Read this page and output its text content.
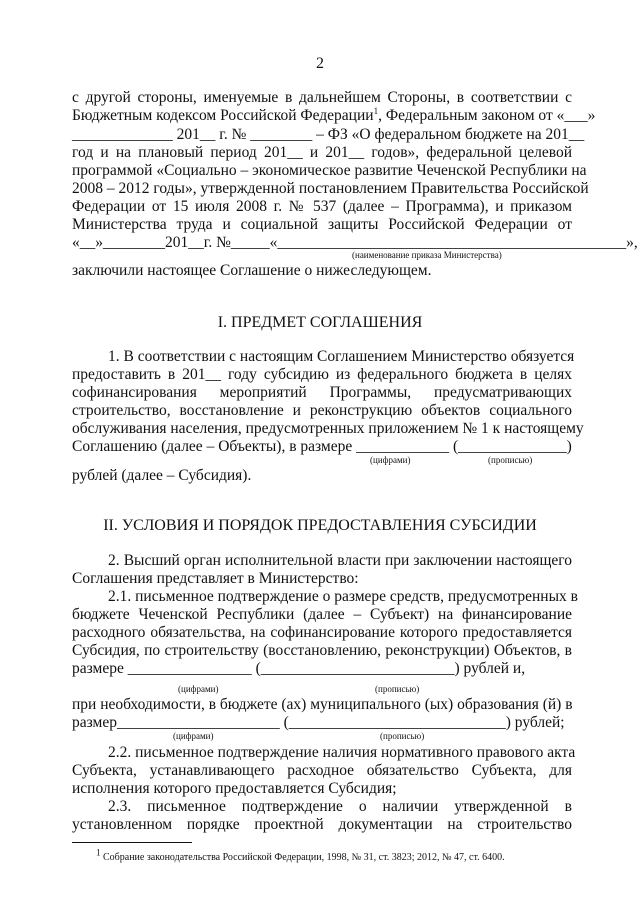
2
с другой стороны, именуемые в дальнейшем Стороны, в соответствии с
Бюджетным кодексом Российской Федерации$^1$, Федеральным законом от «___»
_____________ 201__ г. № ________ – ФЗ «О федеральном бюджете на 201__
год и на плановый период 201__ и 201__ годов», федеральной целевой
программой «Социально – экономическое развитие Чеченской Республики на
2008 – 2012 годы», утвержденной постановлением Правительства Российской
Федерации от 15 июля 2008 г. № 537 (далее – Программа), и приказом
Министерства труда и социальной защиты Российской Федерации от
«__»________201__г. №_____«_____________________________________________»,
(наименование приказа Министерства)
заключили настоящее Соглашение о нижеследующем.
I. ПРЕДМЕТ СОГЛАШЕНИЯ
1. В соответствии с настоящим Соглашением Министерство обязуется
предоставить в 201__ году субсидию из федерального бюджета в целях
софинансирования мероприятий Программы, предусматривающих
строительство, восстановление и реконструкцию объектов социального
обслуживания населения, предусмотренных приложением № 1 к настоящему
Соглашению (далее – Объекты), в размере ____________ (______________)
(цифрами)	(прописью)
рублей (далее – Субсидия).
II. УСЛОВИЯ И ПОРЯДОК ПРЕДОСТАВЛЕНИЯ СУБСИДИИ
2. Высший орган исполнительной власти при заключении настоящего
Соглашения представляет в Министерство:
2.1. письменное подтверждение о размере средств, предусмотренных в
бюджете Чеченской Республики (далее – Субъект) на финансирование
расходного обязательства, на софинансирование которого предоставляется
Субсидия, по строительству (восстановлению, реконструкции) Объектов, в
размере ________________ (_________________________) рублей и,
(цифрами)	(прописью)
при необходимости, в бюджете (ах) муниципального (ых) образования (й) в
размер_____________________ (____________________________) рублей;
(цифрами)	(прописью)
2.2. письменное подтверждение наличия нормативного правового акта
Субъекта, устанавливающего расходное обязательство Субъекта, для
исполнения которого предоставляется Субсидия;
2.3. письменное подтверждение о наличии утвержденной в
установленном порядке проектной документации на строительство
$^1$ Собрание законодательства Российской Федерации, 1998, № 31, ст. 3823; 2012, № 47, ст. 6400.
